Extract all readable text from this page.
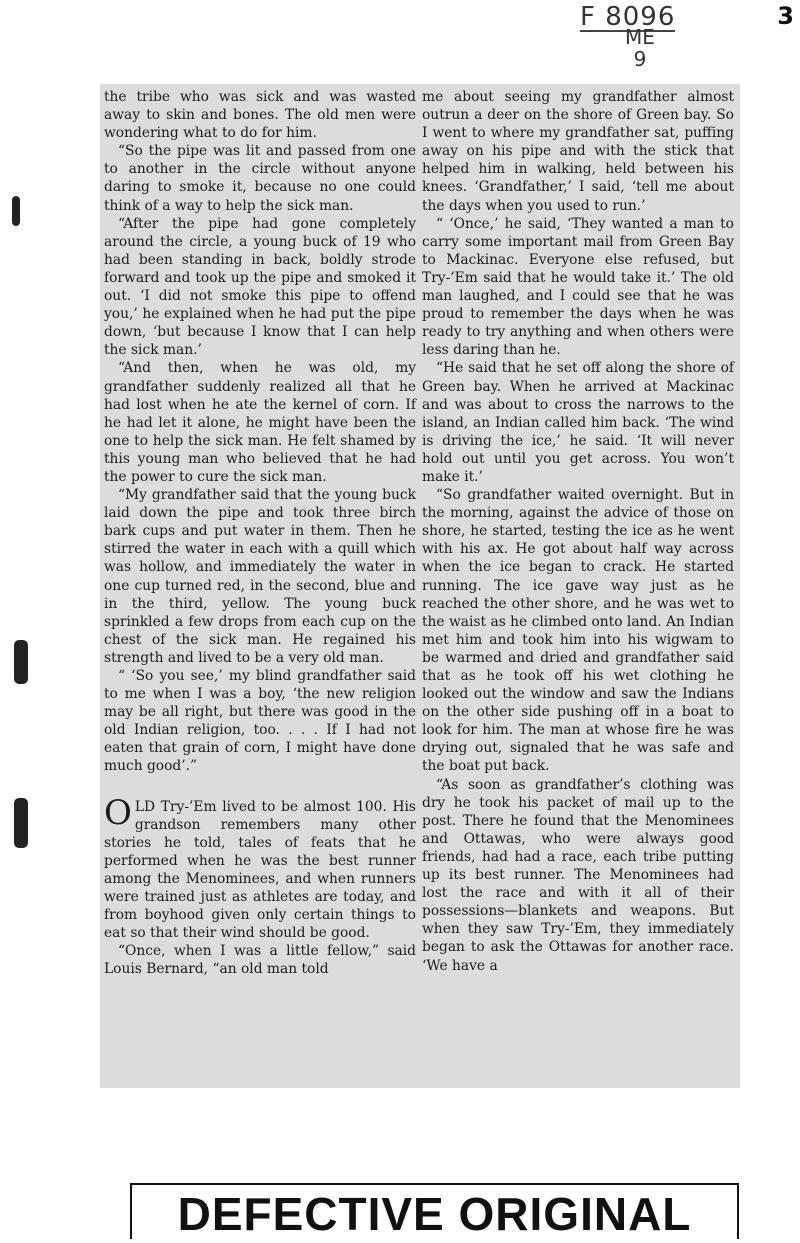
F 8096
ME
9
3

the tribe who was sick and was wasted away to skin and bones. The old men were wondering what to do for him.

“So the pipe was lit and passed from one to another in the circle without anyone daring to smoke it, because no one could think of a way to help the sick man.

“After the pipe had gone completely around the circle, a young buck of 19 who had been standing in back, boldly strode forward and took up the pipe and smoked it out. ‘I did not smoke this pipe to offend you,’ he explained when he had put the pipe down, ‘but because I know that I can help the sick man.’

“And then, when he was old, my grandfather suddenly realized all that he had lost when he ate the kernel of corn. If he had let it alone, he might have been the one to help the sick man. He felt shamed by this young man who believed that he had the power to cure the sick man.

“My grandfather said that the young buck laid down the pipe and took three birch bark cups and put water in them. Then he stirred the water in each with a quill which was hollow, and immediately the water in one cup turned red, in the second, blue and in the third, yellow. The young buck sprinkled a few drops from each cup on the chest of the sick man. He regained his strength and lived to be a very old man.

“ ‘So you see,’ my blind grandfather said to me when I was a boy, ‘the new religion may be all right, but there was good in the old Indian religion, too. . . . If I had not eaten that grain of corn, I might have done much good’.”

OLD Try-’Em lived to be almost 100. His grandson remembers many other stories he told, tales of feats that he performed when he was the best runner among the Menominees, and when runners were trained just as athletes are today, and from boyhood given only certain things to eat so that their wind should be good.

“Once, when I was a little fellow,” said Louis Bernard, “an old man told

me about seeing my grandfather almost outrun a deer on the shore of Green bay. So I went to where my grandfather sat, puffing away on his pipe and with the stick that helped him in walking, held between his knees. ‘Grandfather,’ I said, ‘tell me about the days when you used to run.’

“ ‘Once,’ he said, ‘They wanted a man to carry some important mail from Green Bay to Mackinac. Everyone else refused, but Try-’Em said that he would take it.’ The old man laughed, and I could see that he was proud to remember the days when he was ready to try anything and when others were less daring than he.

“He said that he set off along the shore of Green bay. When he arrived at Mackinac and was about to cross the narrows to the island, an Indian called him back. ‘The wind is driving the ice,’ he said. ‘It will never hold out until you get across. You won’t make it.’

“So grandfather waited overnight. But in the morning, against the advice of those on shore, he started, testing the ice as he went with his ax. He got about half way across when the ice began to crack. He started running. The ice gave way just as he reached the other shore, and he was wet to the waist as he climbed onto land. An Indian met him and took him into his wigwam to be warmed and dried and grandfather said that as he took off his wet clothing he looked out the window and saw the Indians on the other side pushing off in a boat to look for him. The man at whose fire he was drying out, signaled that he was safe and the boat put back.

“As soon as grandfather’s clothing was dry he took his packet of mail up to the post. There he found that the Menominees and Ottawas, who were always good friends, had had a race, each tribe putting up its best runner. The Menominees had lost the race and with it all of their possessions—blankets and weapons. But when they saw Try-’Em, they immediately began to ask the Ottawas for another race. ‘We have a

DEFECTIVE ORIGINAL
